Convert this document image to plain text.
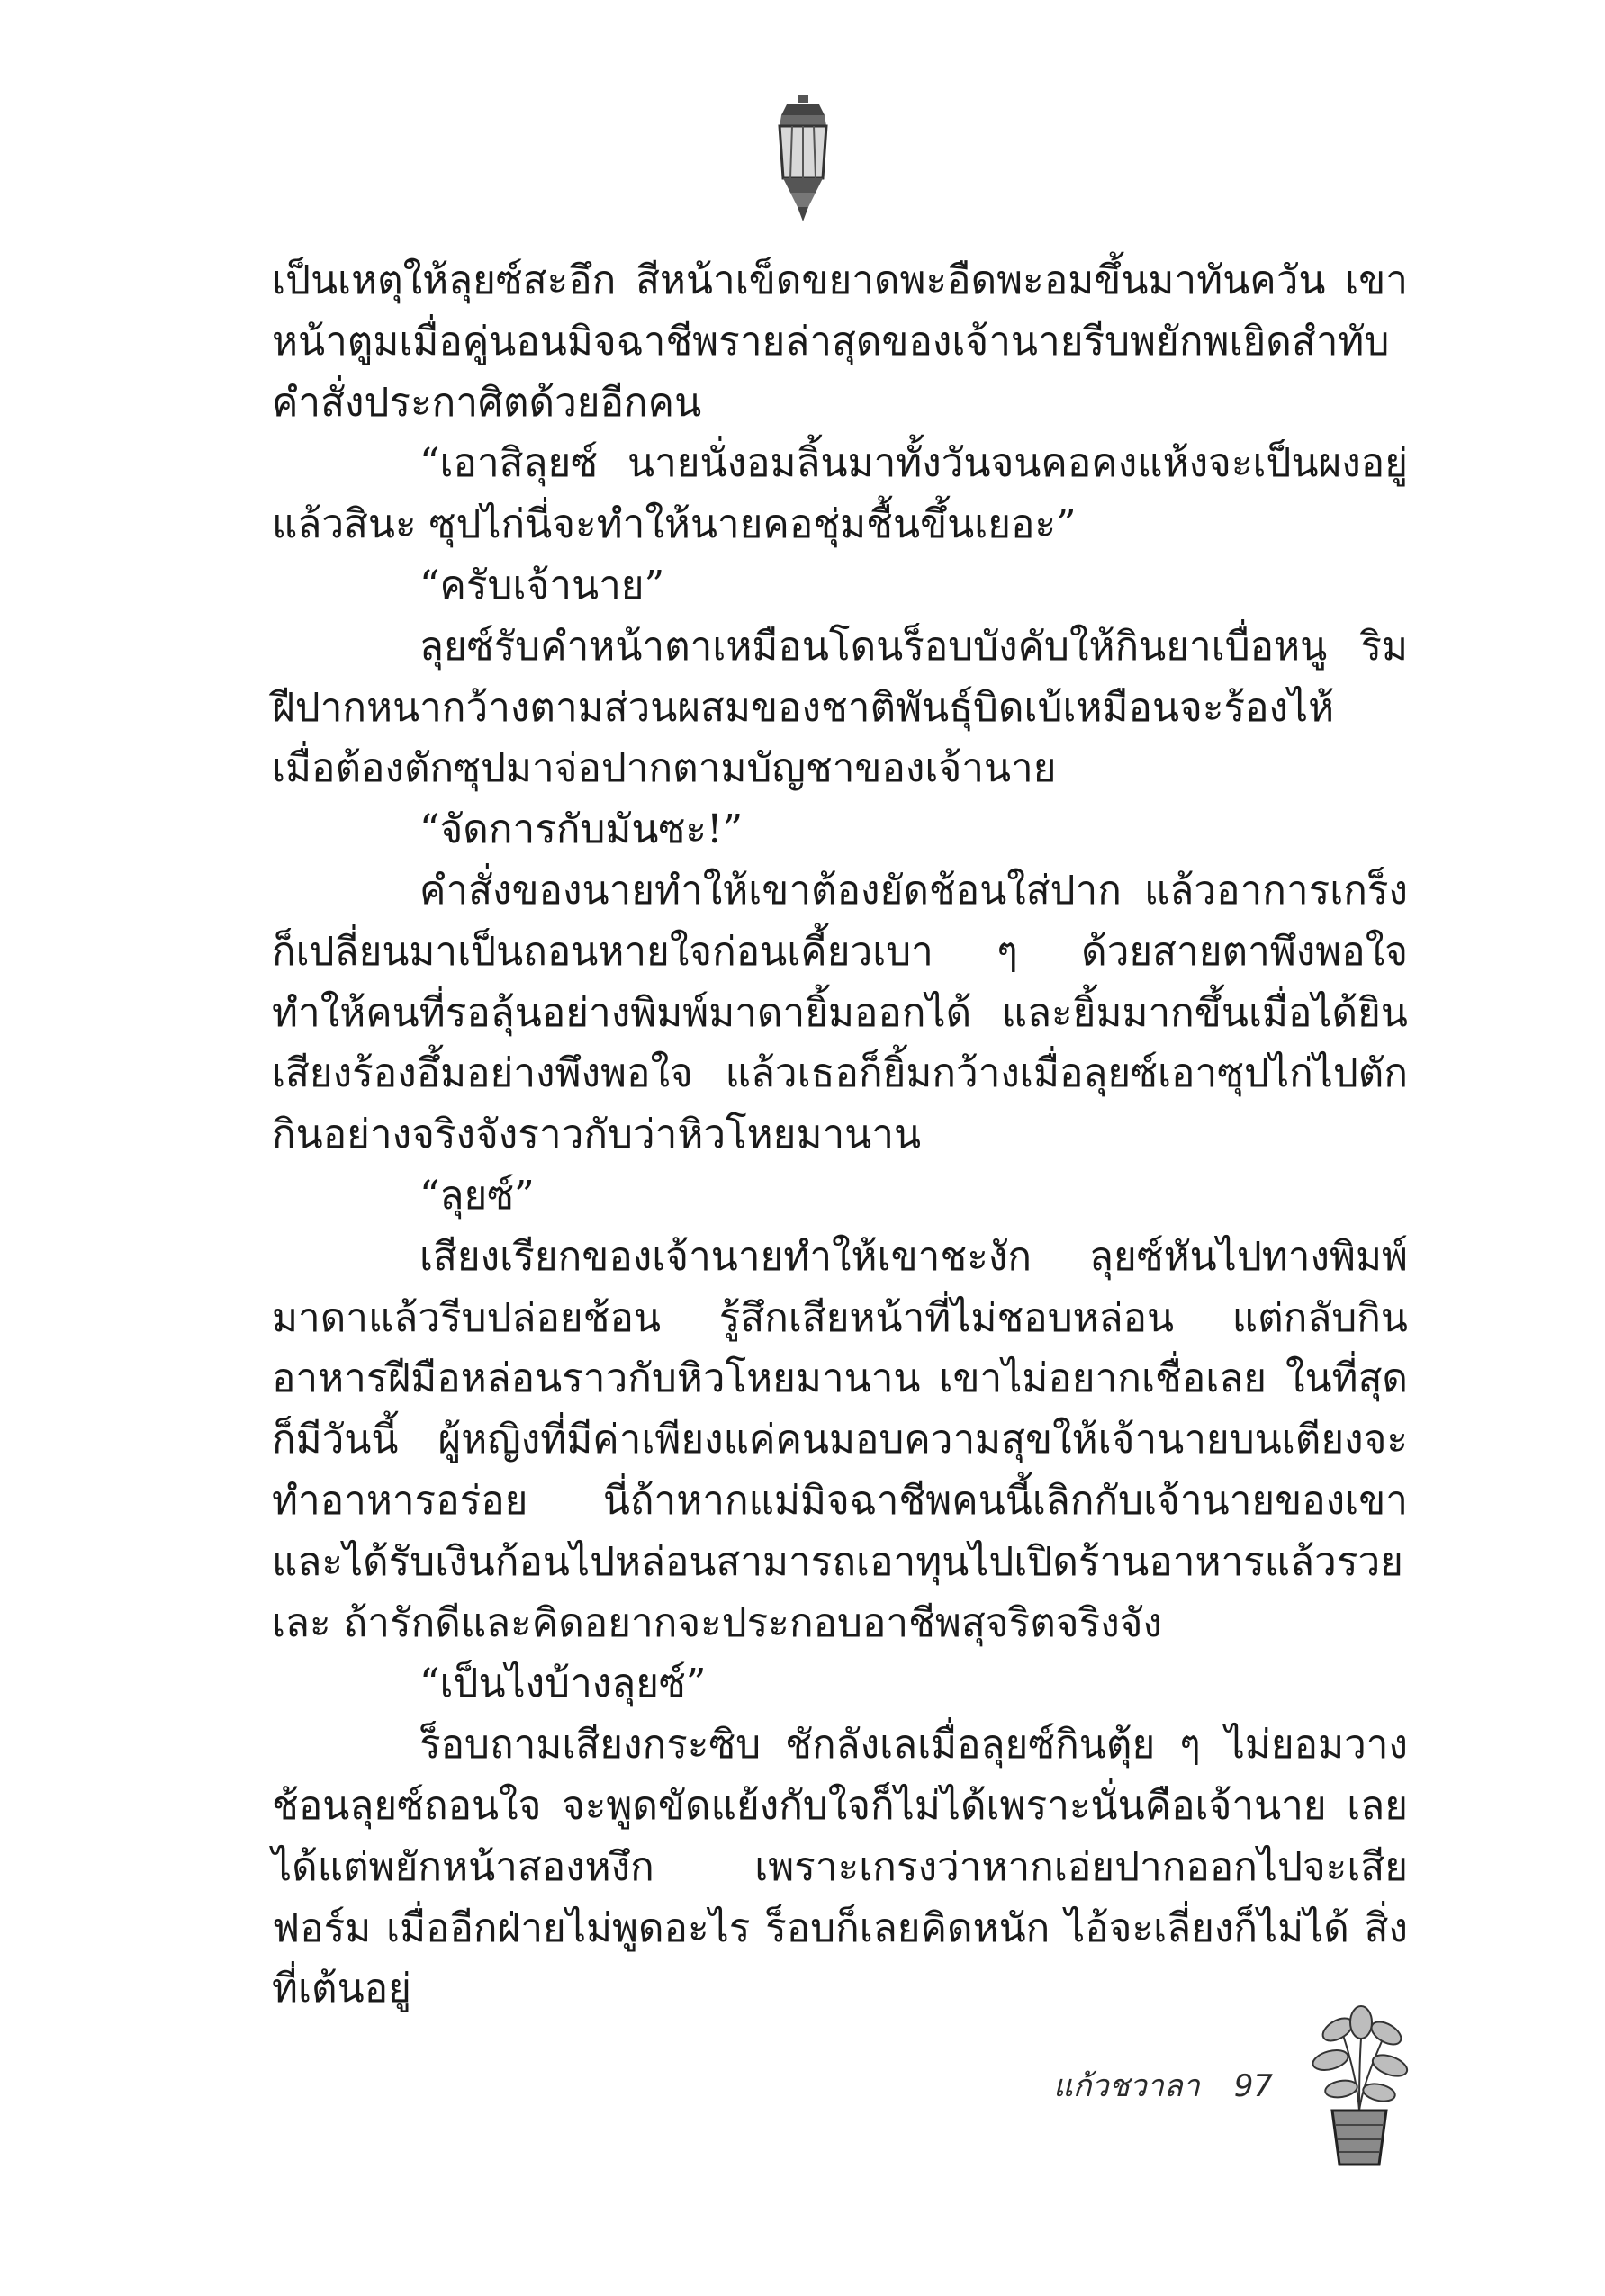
เป็นเหตุให้ลุยซ์สะอึก สีหน้าเข็ดขยาดพะอืดพะอมขึ้นมาทันควัน เขาหน้าตูมเมื่อคู่นอนมิจฉาชีพรายล่าสุดของเจ้านายรีบพยักพเยิดสำทับคำสั่งประกาศิตด้วยอีกคน

“เอาสิลุยซ์ นายนั่งอมลิ้นมาทั้งวันจนคอคงแห้งจะเป็นผงอยู่แล้วสินะ ซุปไก่นี่จะทำให้นายคอชุ่มชื้นขึ้นเยอะ”

“ครับเจ้านาย”

ลุยซ์รับคำหน้าตาเหมือนโดนร็อบบังคับให้กินยาเบื่อหนู ริมฝีปากหนากว้างตามส่วนผสมของชาติพันธุ์บิดเบ้เหมือนจะร้องไห้ เมื่อต้องตักซุปมาจ่อปากตามบัญชาของเจ้านาย

“จัดการกับมันซะ!”

คำสั่งของนายทำให้เขาต้องยัดช้อนใส่ปาก แล้วอาการเกร็งก็เปลี่ยนมาเป็นถอนหายใจก่อนเคี้ยวเบา ๆ ด้วยสายตาพึงพอใจ ทำให้คนที่รอลุ้นอย่างพิมพ์มาดายิ้มออกได้ และยิ้มมากขึ้นเมื่อได้ยินเสียงร้องอึ้มอย่างพึงพอใจ แล้วเธอก็ยิ้มกว้างเมื่อลุยซ์เอาซุปไก่ไปตักกินอย่างจริงจังราวกับว่าหิวโหยมานาน

“ลุยซ์”

เสียงเรียกของเจ้านายทำให้เขาชะงัก ลุยซ์หันไปทางพิมพ์มาดาแล้วรีบปล่อยช้อน รู้สึกเสียหน้าที่ไม่ชอบหล่อน แต่กลับกินอาหารฝีมือหล่อนราวกับหิวโหยมานาน เขาไม่อยากเชื่อเลย ในที่สุดก็มีวันนี้ ผู้หญิงที่มีค่าเพียงแค่คนมอบความสุขให้เจ้านายบนเตียงจะทำอาหารอร่อย นี่ถ้าหากแม่มิจฉาชีพคนนี้เลิกกับเจ้านายของเขาและได้รับเงินก้อนไปหล่อนสามารถเอาทุนไปเปิดร้านอาหารแล้วรวยเละ ถ้ารักดีและคิดอยากจะประกอบอาชีพสุจริตจริงจัง

“เป็นไงบ้างลุยซ์”

ร็อบถามเสียงกระซิบ ชักลังเลเมื่อลุยซ์กินตุ้ย ๆ ไม่ยอมวางช้อนลุยซ์ถอนใจ จะพูดขัดแย้งกับใจก็ไม่ได้เพราะนั่นคือเจ้านาย เลยได้แต่พยักหน้าสองหงึก เพราะเกรงว่าหากเอ่ยปากออกไปจะเสียฟอร์ม เมื่ออีกฝ่ายไม่พูดอะไร ร็อบก็เลยคิดหนัก ไอ้จะเลี่ยงก็ไม่ได้ สิ่งที่เต้นอยู่

แก้วชวาลา 97
